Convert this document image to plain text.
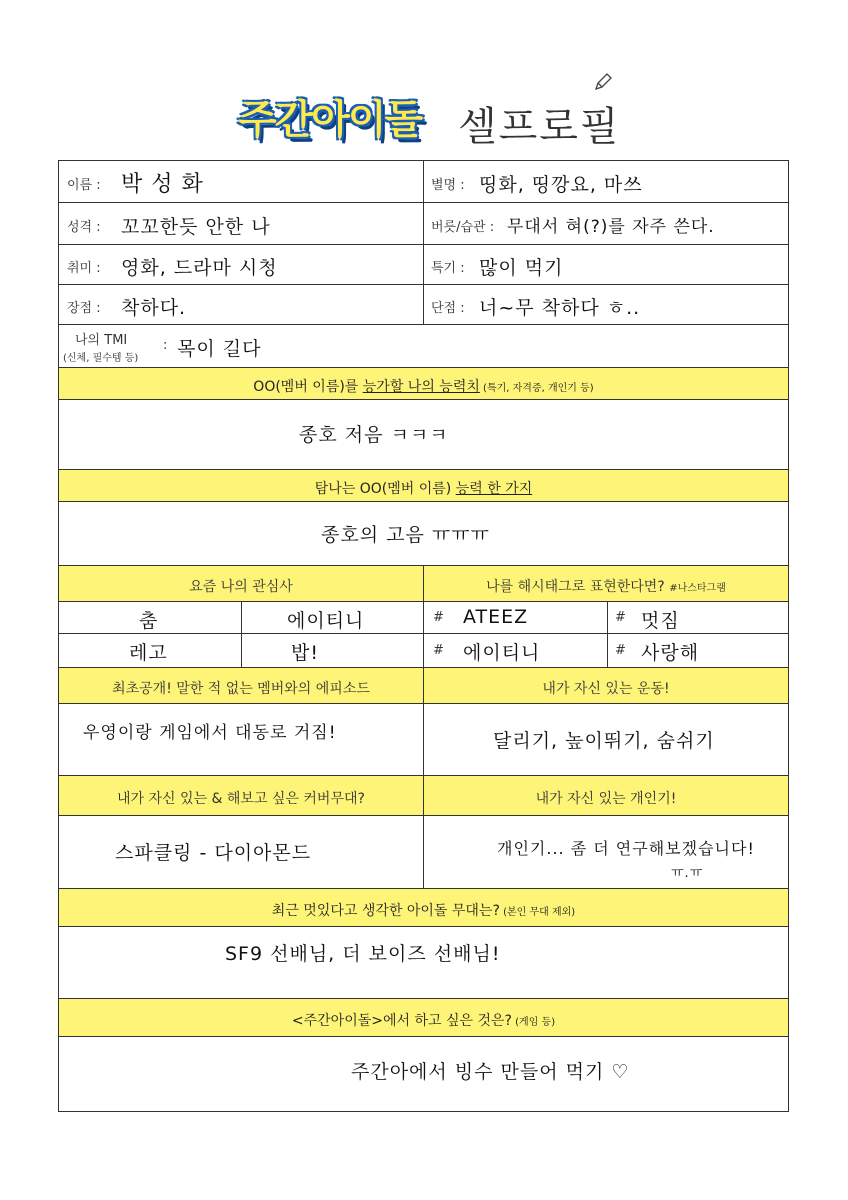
주간아이돌 셀프로필
이름 : 박 성 화	별명 : 띵화, 띵깡요, 마쓰
성격 : 꼬꼬한듯 안한 나	버릇/습관 : 무대서 혀(?)를 자주 쓴다.
취미 : 영화, 드라마 시청	특기 : 많이 먹기
장점 : 착하다.	단점 : 너~무 착하다 ㅎ..
나의 TMI
(신체, 필수템 등)
: 목이 길다
OO(멤버 이름)를 능가할 나의 능력치 (특기, 자격증, 개인기 등)
종호 저음 ㅋㅋㅋ
탐나는 OO(멤버 이름) 능력 한 가지
종호의 고음 ㅠㅠㅠ
요즘 나의 관심사	나를 해시태그로 표현한다면? #나스타그램
춤	에이티니	# ATEEZ	# 멋짐
레고	밥!	# 에이티니	# 사랑해
최초공개! 말한 적 없는 멤버와의 에피소드	내가 자신 있는 운동!
우영이랑 게임에서 대동로 거짐!	달리기, 높이뛰기, 숨쉬기
내가 자신 있는 & 해보고 싶은 커버무대?	내가 자신 있는 개인기!
스파클링 - 다이아몬드	개인기... 좀 더 연구해보겠습니다!
ㅠ.ㅠ
최근 멋있다고 생각한 아이돌 무대는? (본인 무대 제외)
SF9 선배님, 더 보이즈 선배님!
<주간아이돌>에서 하고 싶은 것은? (게임 등)
주간아에서 빙수 만들어 먹기 ♡
